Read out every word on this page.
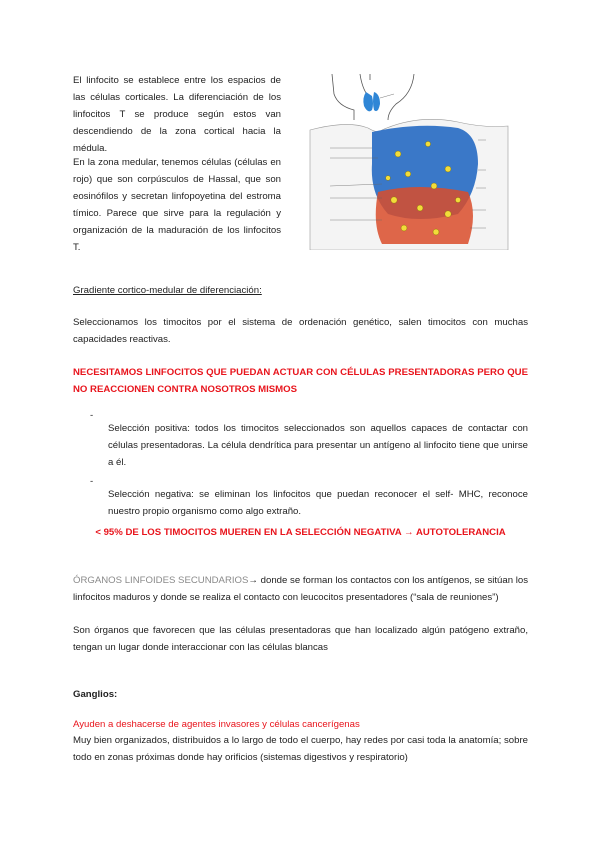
El linfocito se establece entre los espacios de las células corticales. La diferenciación de los linfocitos T se produce según estos van descendiendo de la zona cortical hacia la médula.

En la zona medular, tenemos células (células en rojo) que son corpúsculos de Hassal, que son eosinófilos y secretan linfopoyetina del estroma tímico. Parece que sirve para la regulación y organización de la maduración de los linfocitos T.

Gradiente cortico-medular de diferenciación:

Seleccionamos los timocitos por el sistema de ordenación genético, salen timocitos con muchas capacidades reactivas.

NECESITAMOS LINFOCITOS QUE PUEDAN ACTUAR CON CÉLULAS PRESENTADORAS PERO QUE NO REACCIONEN CONTRA NOSOTROS MISMOS

-

Selección positiva: todos los timocitos seleccionados son aquellos capaces de contactar con células presentadoras. La célula dendrítica para presentar un antígeno al linfocito tiene que unirse a él.

-

Selección negativa: se eliminan los linfocitos que puedan reconocer el self- MHC, reconoce nuestro propio organismo como algo extraño.

< 95% DE LOS TIMOCITOS MUEREN EN LA SELECCIÓN NEGATIVA → AUTOTOLERANCIA

ÓRGANOS LINFOIDES SECUNDARIOS→ donde se forman los contactos con los antígenos, se sitúan los linfocitos maduros y donde se realiza el contacto con leucocitos presentadores (“sala de reuniones”)

Son órganos que favorecen que las células presentadoras que han localizado algún patógeno extraño, tengan un lugar donde interaccionar con las células blancas

Ganglios:

Ayuden a deshacerse de agentes invasores y células cancerígenas

Muy bien organizados, distribuidos a lo largo de todo el cuerpo, hay redes por casi toda la anatomía; sobre todo en zonas próximas donde hay orificios (sistemas digestivos y respiratorio)
